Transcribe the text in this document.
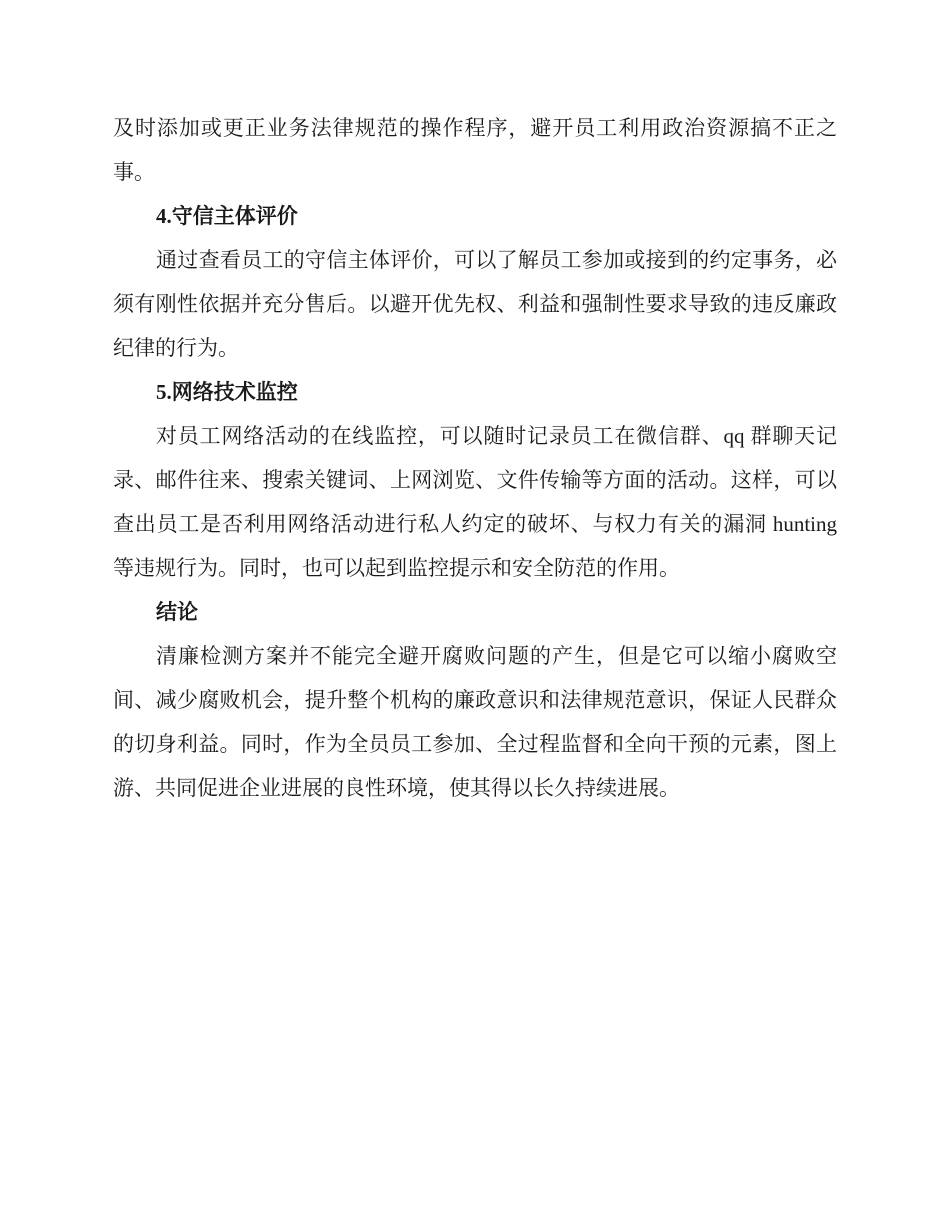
及时添加或更正业务法律规范的操作程序，避开员工利用政治资源搞不正之事。

4.守信主体评价

通过查看员工的守信主体评价，可以了解员工参加或接到的约定事务，必须有刚性依据并充分售后。以避开优先权、利益和强制性要求导致的违反廉政纪律的行为。

5.网络技术监控

对员工网络活动的在线监控，可以随时记录员工在微信群、qq 群聊天记录、邮件往来、搜索关键词、上网浏览、文件传输等方面的活动。这样，可以查出员工是否利用网络活动进行私人约定的破坏、与权力有关的漏洞 hunting 等违规行为。同时，也可以起到监控提示和安全防范的作用。

结论

清廉检测方案并不能完全避开腐败问题的产生，但是它可以缩小腐败空间、减少腐败机会，提升整个机构的廉政意识和法律规范意识，保证人民群众的切身利益。同时，作为全员员工参加、全过程监督和全向干预的元素，图上游、共同促进企业进展的良性环境，使其得以长久持续进展。
